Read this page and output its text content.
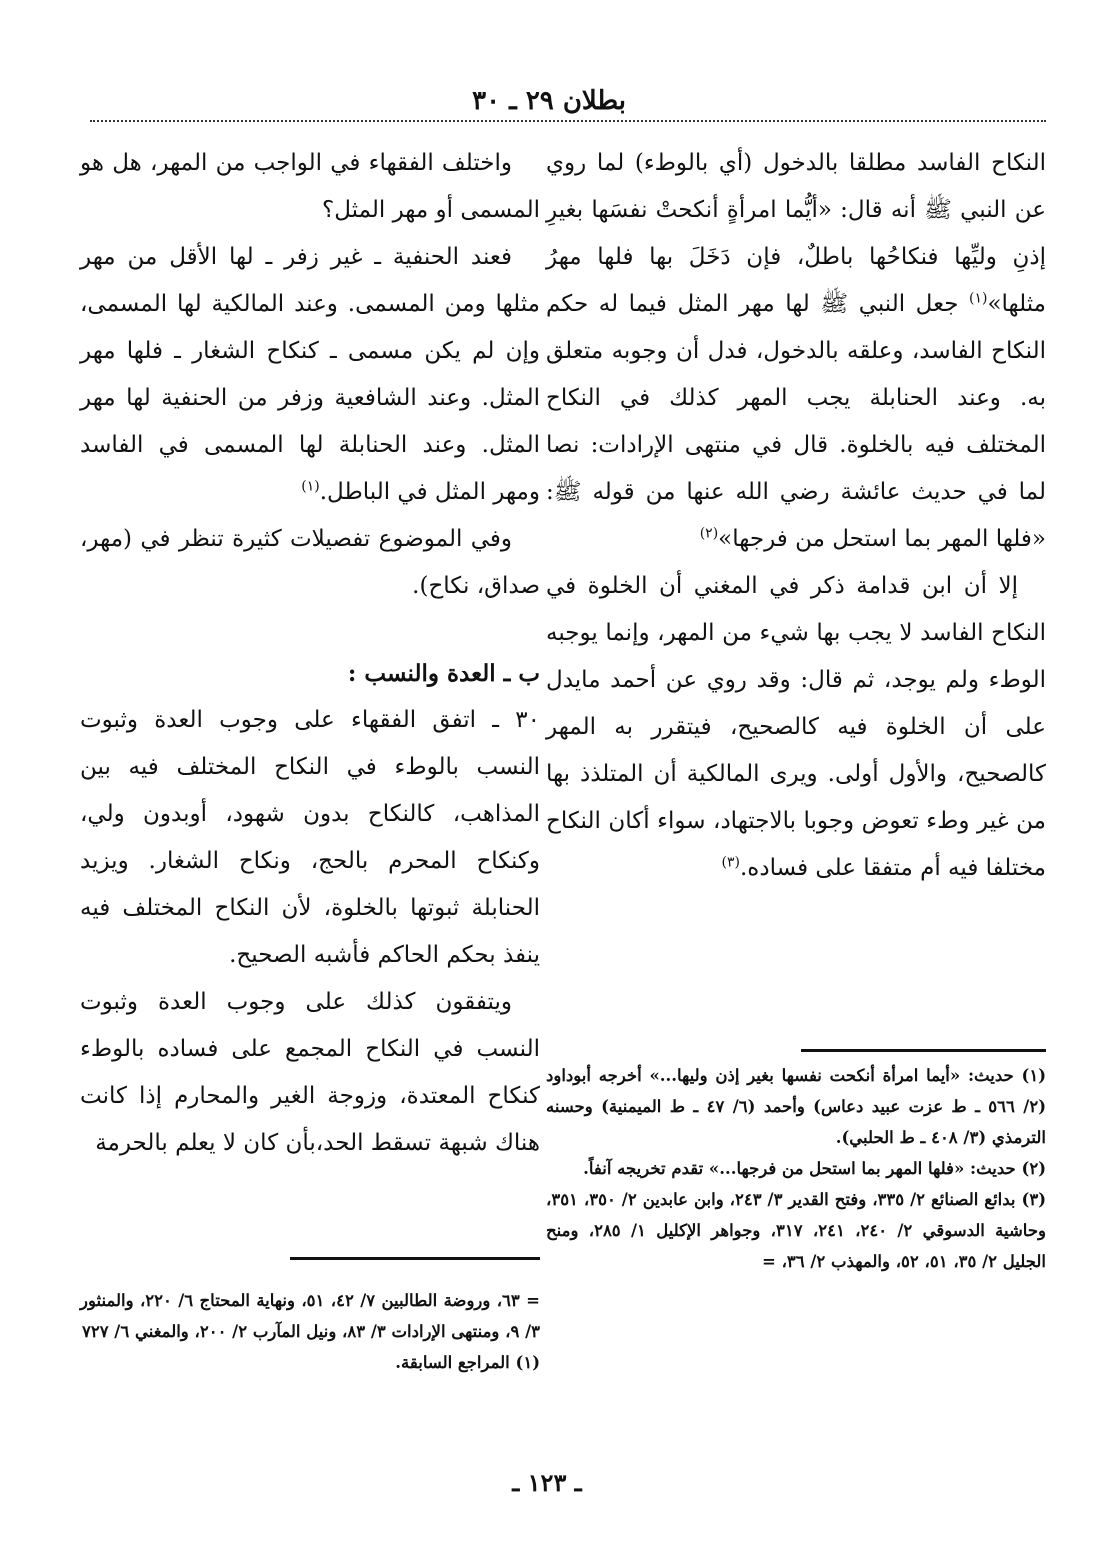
بطلان ٢٩ ـ ٣٠

النكاح الفاسد مطلقا بالدخول (أي بالوطء) لما روي عن النبي ﷺ أنه قال: «أيُّما امرأةٍ أنكحتْ نفسَها بغيرِ إذنِ وليِّها فنكاحُها باطلٌ، فإن دَخَلَ بها فلها مهرُ مثلها»$^{(١)}$ جعل النبي ﷺ لها مهر المثل فيما له حكم النكاح الفاسد، وعلقه بالدخول، فدل أن وجوبه متعلق به. وعند الحنابلة يجب المهر كذلك في النكاح المختلف فيه بالخلوة. قال في منتهى الإرادات: نصا لما في حديث عائشة رضي الله عنها من قوله ﷺ: «فلها المهر بما استحل من فرجها»$^{(٢)}$

إلا أن ابن قدامة ذكر في المغني أن الخلوة في النكاح الفاسد لا يجب بها شيء من المهر، وإنما يوجبه الوطء ولم يوجد، ثم قال: وقد روي عن أحمد مايدل على أن الخلوة فيه كالصحيح، فيتقرر به المهر كالصحيح، والأول أولى. ويرى المالكية أن المتلذذ بها من غير وطء تعوض وجوبا بالاجتهاد، سواء أكان النكاح مختلفا فيه أم متفقا على فساده.$^{(٣)}$

واختلف الفقهاء في الواجب من المهر، هل هو المسمى أو مهر المثل؟

فعند الحنفية ـ غير زفر ـ لها الأقل من مهر مثلها ومن المسمى. وعند المالكية لها المسمى، وإن لم يكن مسمى ـ كنكاح الشغار ـ فلها مهر المثل. وعند الشافعية وزفر من الحنفية لها مهر المثل. وعند الحنابلة لها المسمى في الفاسد ومهر المثل في الباطل.$^{(١)}$

وفي الموضوع تفصيلات كثيرة تنظر في (مهر، صداق، نكاح).

ب ـ العدة والنسب :

٣٠ ـ اتفق الفقهاء على وجوب العدة وثبوت النسب بالوطء في النكاح المختلف فيه بين المذاهب، كالنكاح بدون شهود، أوبدون ولي، وكنكاح المحرم بالحج، ونكاح الشغار. ويزيد الحنابلة ثبوتها بالخلوة، لأن النكاح المختلف فيه ينفذ بحكم الحاكم فأشبه الصحيح.

ويتفقون كذلك على وجوب العدة وثبوت النسب في النكاح المجمع على فساده بالوطء كنكاح المعتدة، وزوجة الغير والمحارم إذا كانت هناك شبهة تسقط الحد،بأن كان لا يعلم بالحرمة

(١) حديث: «أيما امرأة أنكحت نفسها بغير إذن وليها...» أخرجه أبوداود (٢/ ٥٦٦ ـ ط عزت عبيد دعاس) وأحمد (٦/ ٤٧ ـ ط الميمنية) وحسنه الترمذي (٣/ ٤٠٨ ـ ط الحلبي).

(٢) حديث: «فلها المهر بما استحل من فرجها...» تقدم تخريجه آنفاً.

(٣) بدائع الصنائع ٢/ ٣٣٥، وفتح القدير ٣/ ٢٤٣، وابن عابدين ٢/ ٣٥٠، ٣٥١، وحاشية الدسوقي ٢/ ٢٤٠، ٢٤١، ٣١٧، وجواهر الإكليل ١/ ٢٨٥، ومنح الجليل ٢/ ٣٥، ٥١، ٥٢، والمهذب ٢/ ٣٦، =

= ٦٣، وروضة الطالبين ٧/ ٤٢، ٥١، ونهاية المحتاج ٦/ ٢٢٠، والمنثور ٣/ ٩، ومنتهى الإرادات ٣/ ٨٣، ونيل المآرب ٢/ ٢٠٠، والمغني ٦/ ٧٢٧

(١) المراجع السابقة.

ـ ١٢٣ ـ
